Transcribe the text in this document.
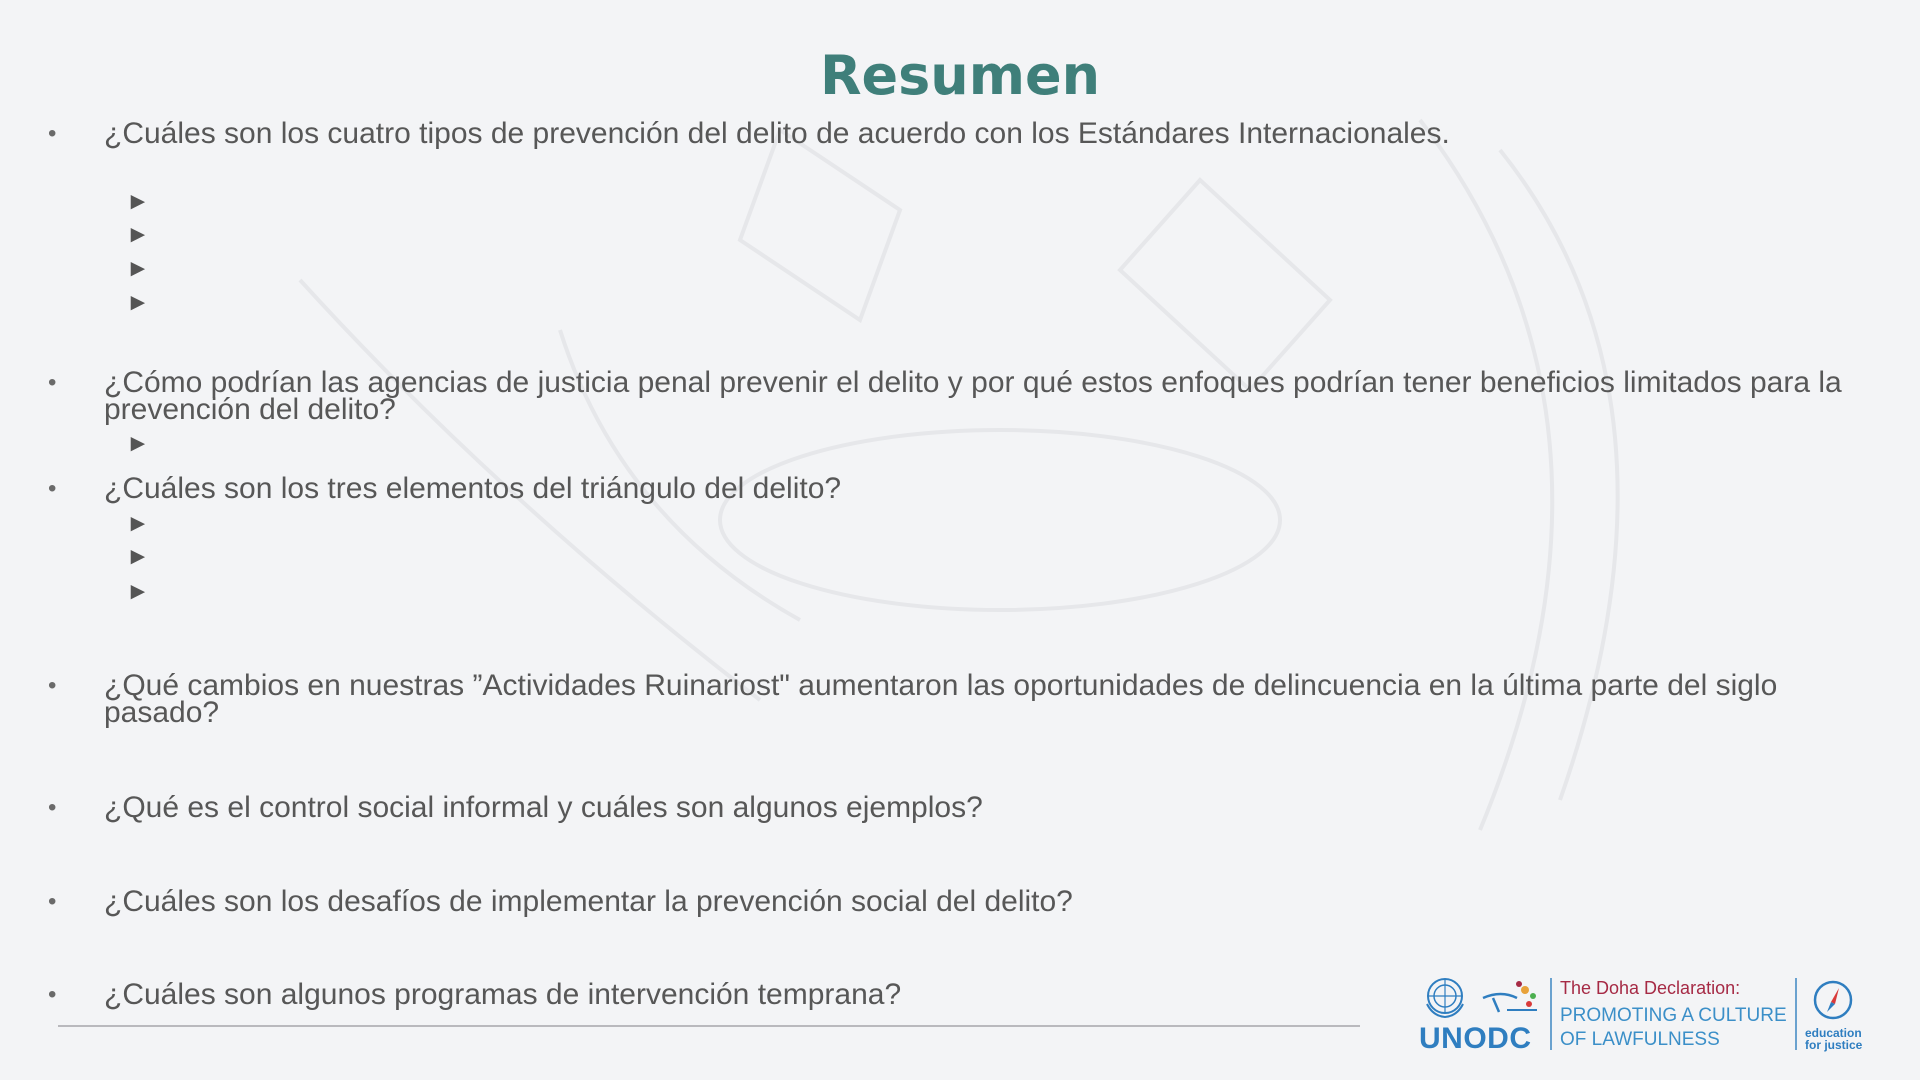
Resumen
• ¿Cuáles son los cuatro tipos de prevención del delito de acuerdo con los Estándares Internacionales.
►
►
►
►
• ¿Cómo podrían las agencias de justicia penal prevenir el delito y por qué estos enfoques podrían tener beneficios limitados para la prevención del delito?
►
• ¿Cuáles son los tres elementos del triángulo del delito?
►
►
►
• ¿Qué cambios en nuestras ”Actividades Ruinariost" aumentaron las oportunidades de delincuencia en la última parte del siglo pasado?
• ¿Qué es el control social informal y cuáles son algunos ejemplos?
• ¿Cuáles son los desafíos de implementar la prevención social del delito?
• ¿Cuáles son algunos programas de intervención temprana?
UNODC
The Doha Declaration:
PROMOTING A CULTURE
OF LAWFULNESS	education
for justice
